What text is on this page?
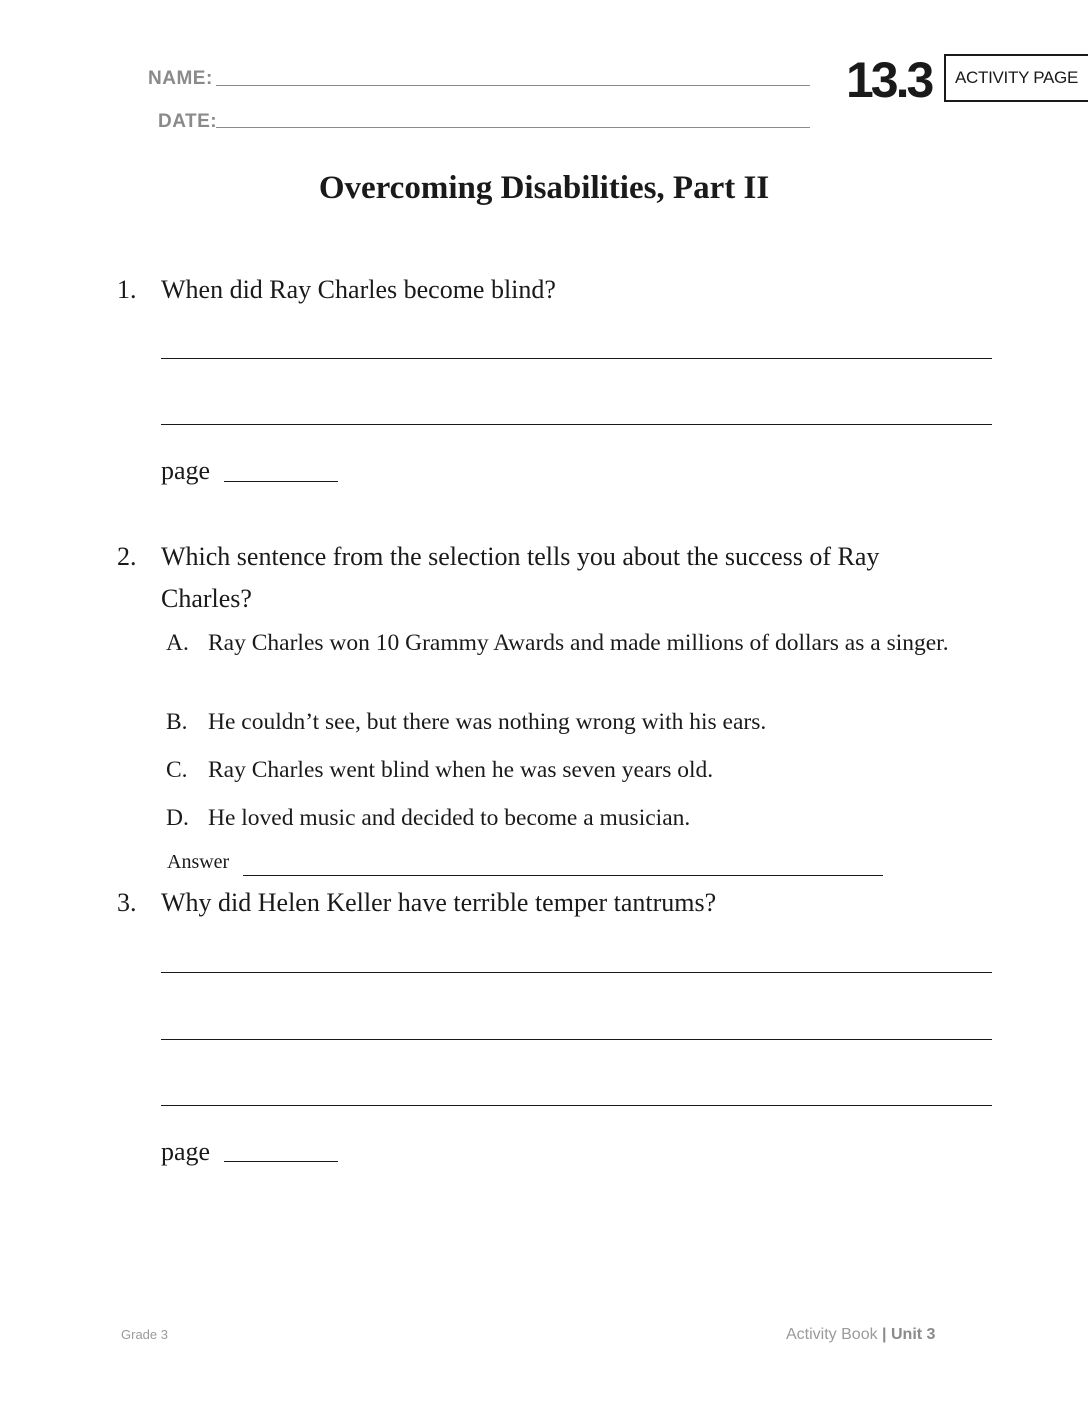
NAME:
DATE:
13.3 ACTIVITY PAGE
Overcoming Disabilities, Part II
1. When did Ray Charles become blind?
page
2. Which sentence from the selection tells you about the success of Ray Charles?
A. Ray Charles won 10 Grammy Awards and made millions of dollars as a singer.
B. He couldn’t see, but there was nothing wrong with his ears.
C. Ray Charles went blind when he was seven years old.
D. He loved music and decided to become a musician.
Answer
3. Why did Helen Keller have terrible temper tantrums?
page
Grade 3	Activity Book | Unit 3
